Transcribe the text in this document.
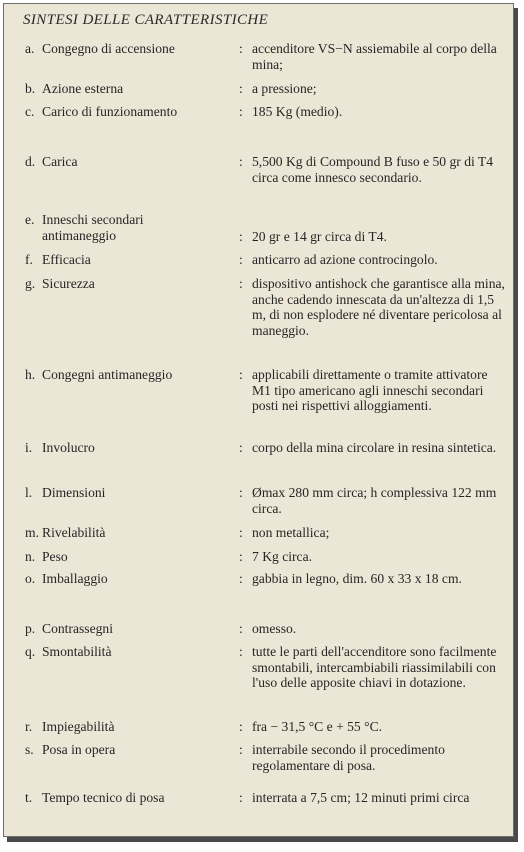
SINTESI DELLE CARATTERISTICHE
a. Congegno di accensione	: accenditore VS−N assiemabile al corpo della mina;
b. Azione esterna	: a pressione;
c. Carico di funzionamento	: 185 Kg (medio).
d. Carica	: 5,500 Kg di Compound B fuso e 50 gr di T4 circa come innesco secondario.
e. Inneschi secondari antimaneggio	: 20 gr e 14 gr circa di T4.
f. Efficacia	: anticarro ad azione controcingolo.
g. Sicurezza	: dispositivo antishock che garantisce alla mina, anche cadendo innescata da un'altezza di 1,5 m, di non esplodere né diventare pericolosa al maneggio.
h. Congegni antimaneggio	: applicabili direttamente o tramite attivatore M1 tipo americano agli inneschi secondari posti nei rispettivi alloggiamenti.
i. Involucro	: corpo della mina circolare in resina sintetica.
l. Dimensioni	: Ømax 280 mm circa; h complessiva 122 mm circa.
m. Rivelabilità	: non metallica;
n. Peso	: 7 Kg circa.
o. Imballaggio	: gabbia in legno, dim. 60 x 33 x 18 cm.
p. Contrassegni	: omesso.
q. Smontabilità	: tutte le parti dell'accenditore sono facilmente smontabili, intercambiabili riassimilabili con l'uso delle apposite chiavi in dotazione.
r. Impiegabilità	: fra − 31,5 °C e + 55 °C.
s. Posa in opera	: interrabile secondo il procedimento regolamentare di posa.
t. Tempo tecnico di posa	: interrata a 7,5 cm; 12 minuti primi circa
